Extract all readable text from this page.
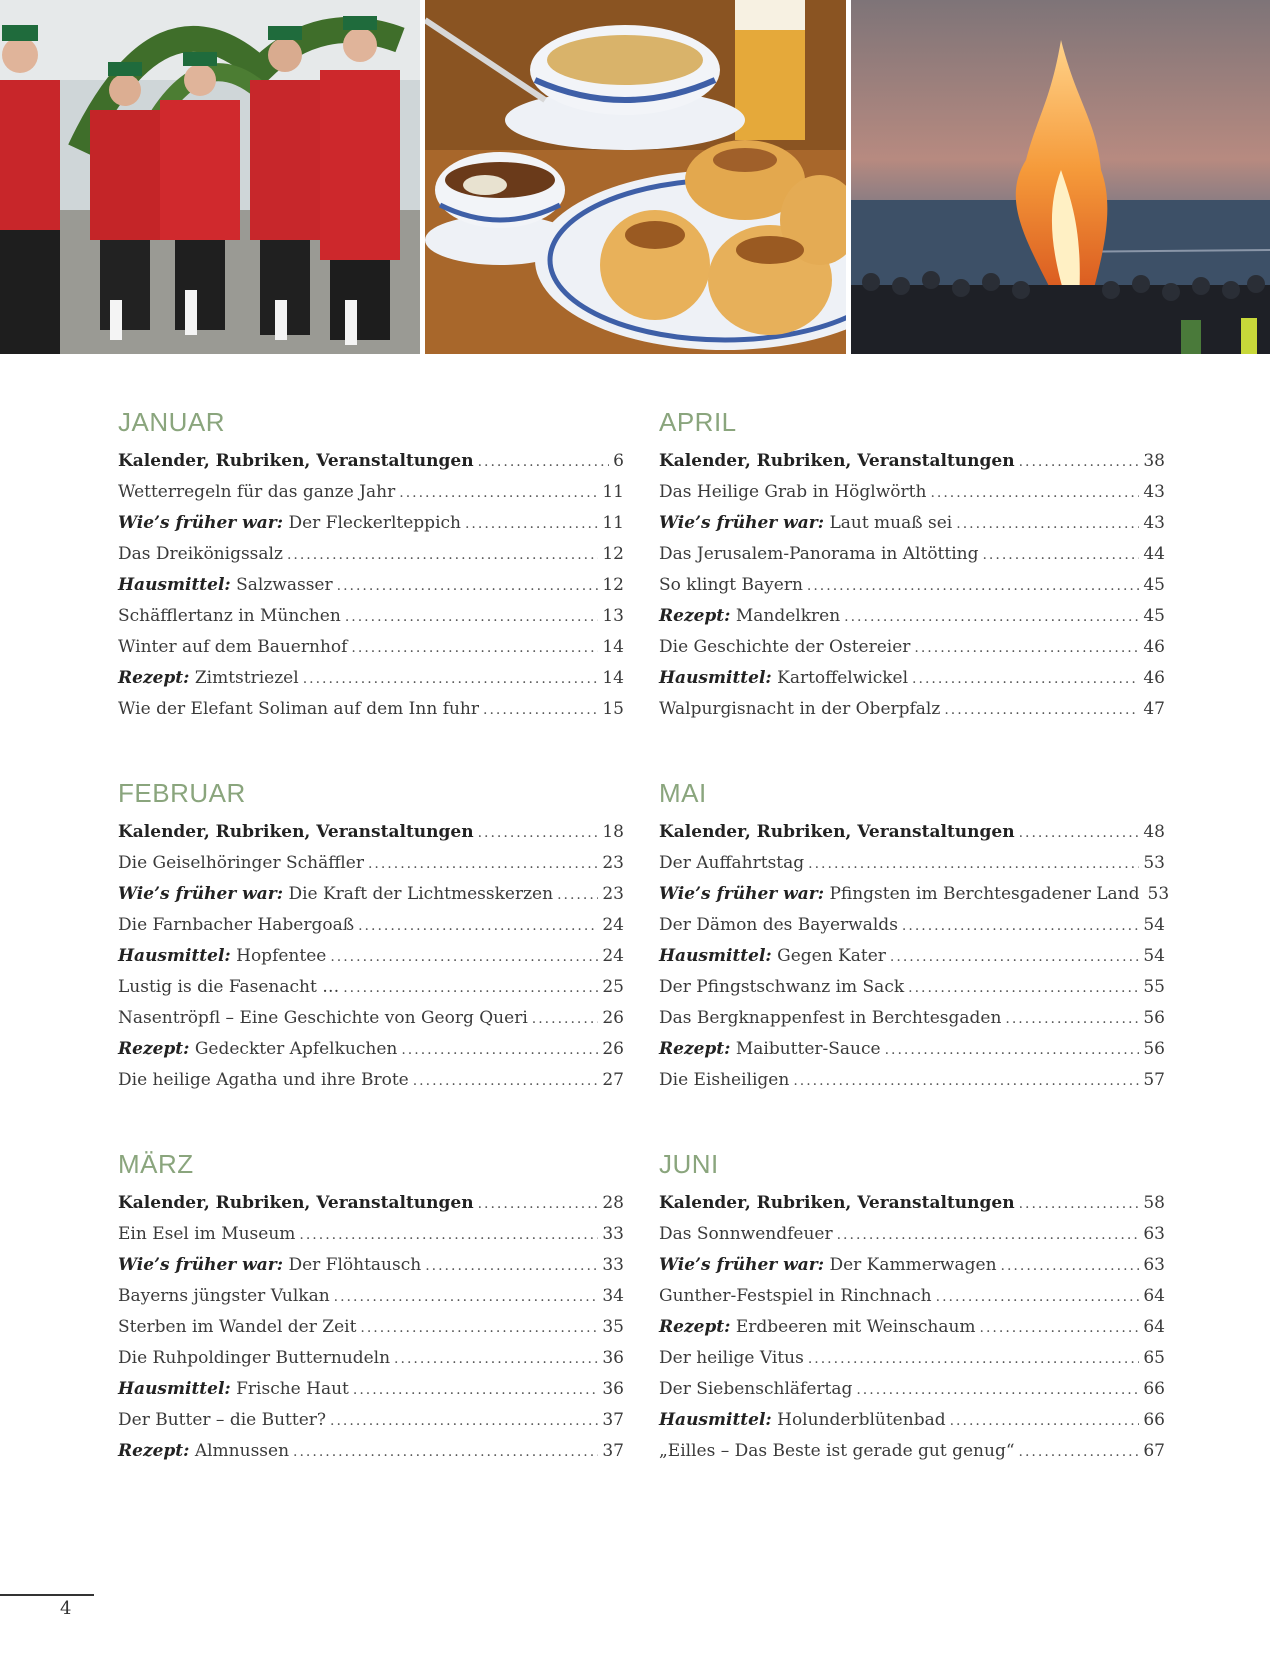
JANUAR
Kalender, Rubriken, Veranstaltungen .....	6
Wetterregeln für das ganze Jahr .....	11
Wie’s früher war: Der Fleckerlteppich .....	11
Das Dreikönigssalz .....	12
Hausmittel: Salzwasser .....	12
Schäfflertanz in München .....	13
Winter auf dem Bauernhof .....	14
Rezept: Zimtstriezel .....	14
Wie der Elefant Soliman auf dem Inn fuhr .....	15
APRIL
Kalender, Rubriken, Veranstaltungen .....	38
Das Heilige Grab in Höglwörth .....	43
Wie’s früher war: Laut muaß sei .....	43
Das Jerusalem-Panorama in Altötting .....	44
So klingt Bayern .....	45
Rezept: Mandelkren .....	45
Die Geschichte der Ostereier .....	46
Hausmittel: Kartoffelwickel .....	46
Walpurgisnacht in der Oberpfalz .....	47
FEBRUAR
Kalender, Rubriken, Veranstaltungen .....	18
Die Geiselhöringer Schäffler .....	23
Wie’s früher war: Die Kraft der Lichtmesskerzen .....	23
Die Farnbacher Habergoaß .....	24
Hausmittel: Hopfentee .....	24
Lustig is die Fasenacht … .....	25
Nasentröpfl – Eine Geschichte von Georg Queri .....	26
Rezept: Gedeckter Apfelkuchen .....	26
Die heilige Agatha und ihre Brote .....	27
MAI
Kalender, Rubriken, Veranstaltungen .....	48
Der Auffahrtstag .....	53
Wie’s früher war: Pfingsten im Berchtesgadener Land 53
Der Dämon des Bayerwalds .....	54
Hausmittel: Gegen Kater .....	54
Der Pfingstschwanz im Sack .....	55
Das Bergknappenfest in Berchtesgaden .....	56
Rezept: Maibutter-Sauce .....	56
Die Eisheiligen .....	57
MÄRZ
Kalender, Rubriken, Veranstaltungen .....	28
Ein Esel im Museum .....	33
Wie’s früher war: Der Flöhtausch .....	33
Bayerns jüngster Vulkan .....	34
Sterben im Wandel der Zeit .....	35
Die Ruhpoldinger Butternudeln .....	36
Hausmittel: Frische Haut .....	36
Der Butter – die Butter? .....	37
Rezept: Almnussen .....	37
JUNI
Kalender, Rubriken, Veranstaltungen .....	58
Das Sonnwendfeuer .....	63
Wie’s früher war: Der Kammerwagen .....	63
Gunther-Festspiel in Rinchnach .....	64
Rezept: Erdbeeren mit Weinschaum .....	64
Der heilige Vitus .....	65
Der Siebenschläfertag .....	66
Hausmittel: Holunderblütenbad .....	66
„Eilles – Das Beste ist gerade gut genug“ .....	67
4
